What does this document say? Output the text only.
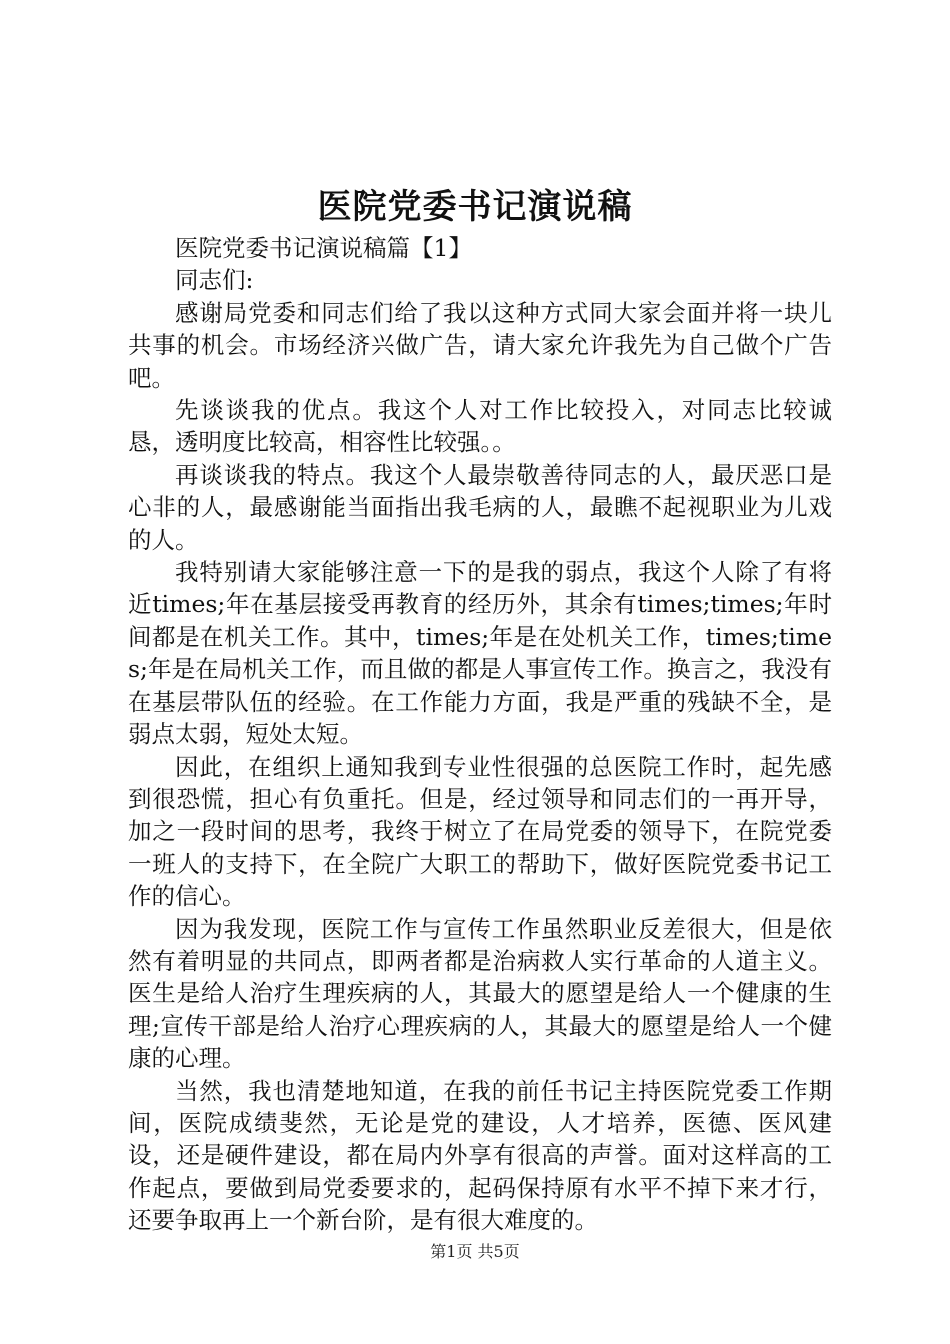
医院党委书记演说稿

医院党委书记演说稿篇【1】

同志们:

感谢局党委和同志们给了我以这种方式同大家会面并将一块儿共事的机会。市场经济兴做广告，请大家允许我先为自己做个广告吧。

先谈谈我的优点。我这个人对工作比较投入，对同志比较诚恳，透明度比较高，相容性比较强。。

再谈谈我的特点。我这个人最崇敬善待同志的人，最厌恶口是心非的人，最感谢能当面指出我毛病的人，最瞧不起视职业为儿戏的人。

我特别请大家能够注意一下的是我的弱点，我这个人除了有将近times;年在基层接受再教育的经历外，其余有times;times;年时间都是在机关工作。其中，times;年是在处机关工作，times;times;年是在局机关工作，而且做的都是人事宣传工作。换言之，我没有在基层带队伍的经验。在工作能力方面，我是严重的残缺不全，是弱点太弱，短处太短。

因此，在组织上通知我到专业性很强的总医院工作时，起先感到很恐慌，担心有负重托。但是，经过领导和同志们的一再开导，加之一段时间的思考，我终于树立了在局党委的领导下，在院党委一班人的支持下，在全院广大职工的帮助下，做好医院党委书记工作的信心。

因为我发现，医院工作与宣传工作虽然职业反差很大，但是依然有着明显的共同点，即两者都是治病救人实行革命的人道主义。医生是给人治疗生理疾病的人，其最大的愿望是给人一个健康的生理;宣传干部是给人治疗心理疾病的人，其最大的愿望是给人一个健康的心理。

当然，我也清楚地知道，在我的前任书记主持医院党委工作期间，医院成绩斐然，无论是党的建设，人才培养，医德、医风建设，还是硬件建设，都在局内外享有很高的声誉。面对这样高的工作起点，要做到局党委要求的，起码保持原有水平不掉下来才行，还要争取再上一个新台阶，是有很大难度的。

第1页 共5页
